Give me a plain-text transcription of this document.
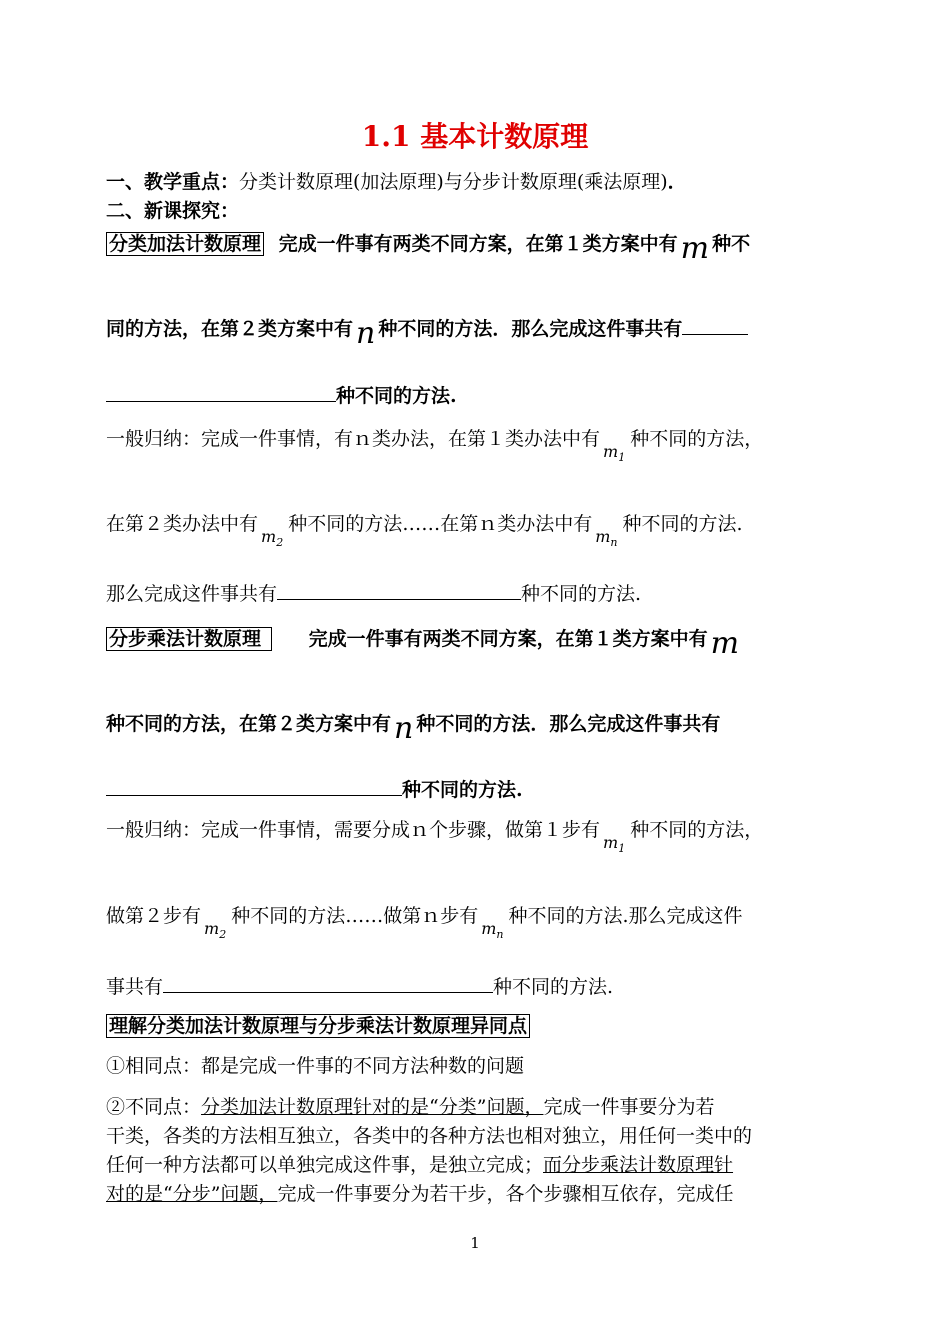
1.1 基本计数原理
一、教学重点：分类计数原理(加法原理)与分步计数原理(乘法原理)．
二、新课探究：
分类加法计数原理 完成一件事有两类不同方案，在第１类方案中有 m 种不
同的方法，在第２类方案中有 n 种不同的方法．那么完成这件事共有
种不同的方法.
一般归纳：完成一件事情，有ｎ类办法，在第１类办法中有$_{m_1}$种不同的方法，
在第２类办法中有$_{m_2}$种不同的方法……在第ｎ类办法中有$_{m_n}$种不同的方法.
那么完成这件事共有	种不同的方法.
分步乘法计数原理	完成一件事有两类不同方案，在第１类方案中有 m
种不同的方法，在第２类方案中有 n 种不同的方法．那么完成这件事共有
种不同的方法.
一般归纳：完成一件事情，需要分成ｎ个步骤，做第１步有$_{m_1}$种不同的方法，
做第２步有$_{m_2}$种不同的方法……做第ｎ步有$_{m_n}$种不同的方法.那么完成这件
事共有	种不同的方法.
理解分类加法计数原理与分步乘法计数原理异同点
①相同点：都是完成一件事的不同方法种数的问题
②不同点：分类加法计数原理针对的是“分类”问题，完成一件事要分为若
干类，各类的方法相互独立，各类中的各种方法也相对独立，用任何一类中的
任何一种方法都可以单独完成这件事，是独立完成；而分步乘法计数原理针
对的是“分步”问题，完成一件事要分为若干步，各个步骤相互依存，完成任
1
